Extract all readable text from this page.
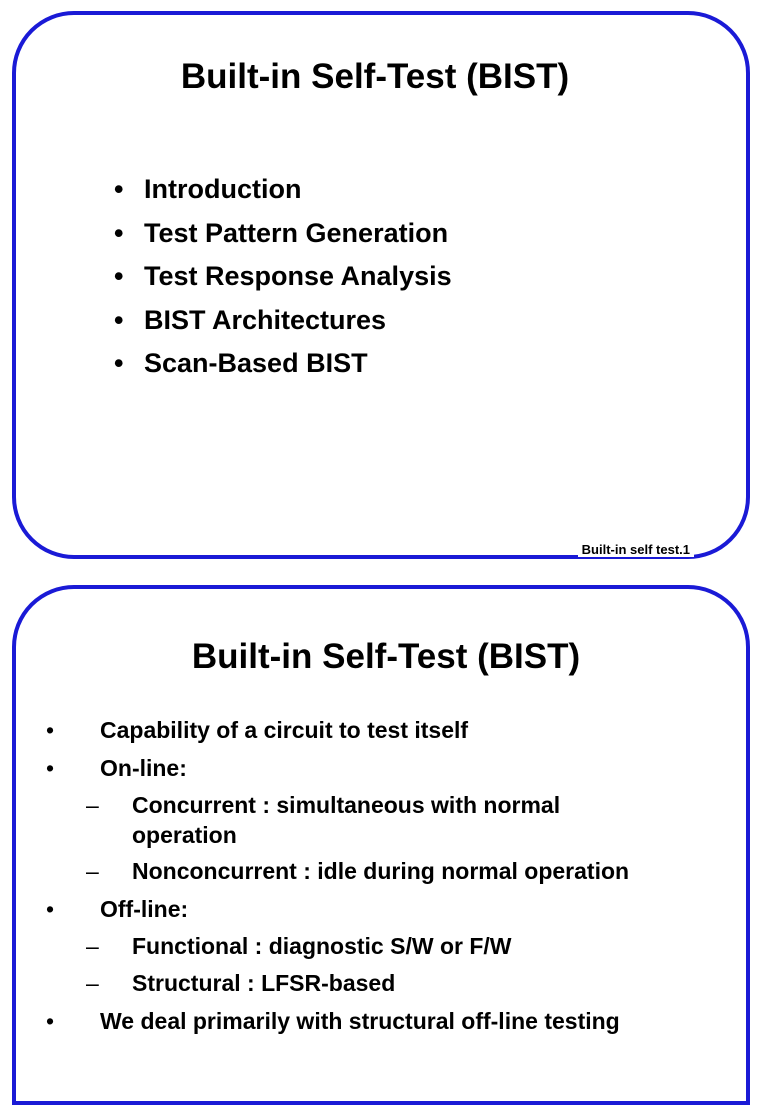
Built-in Self-Test (BIST)
• Introduction
• Test Pattern Generation
• Test Response Analysis
• BIST Architectures
• Scan-Based BIST
Built-in self test.1
Built-in Self-Test (BIST)
• Capability of a circuit to test itself
• On-line:
– Concurrent : simultaneous with normal
operation
– Nonconcurrent : idle during normal operation
• Off-line:
– Functional : diagnostic S/W or F/W
– Structural : LFSR-based
• We deal primarily with structural off-line testing
